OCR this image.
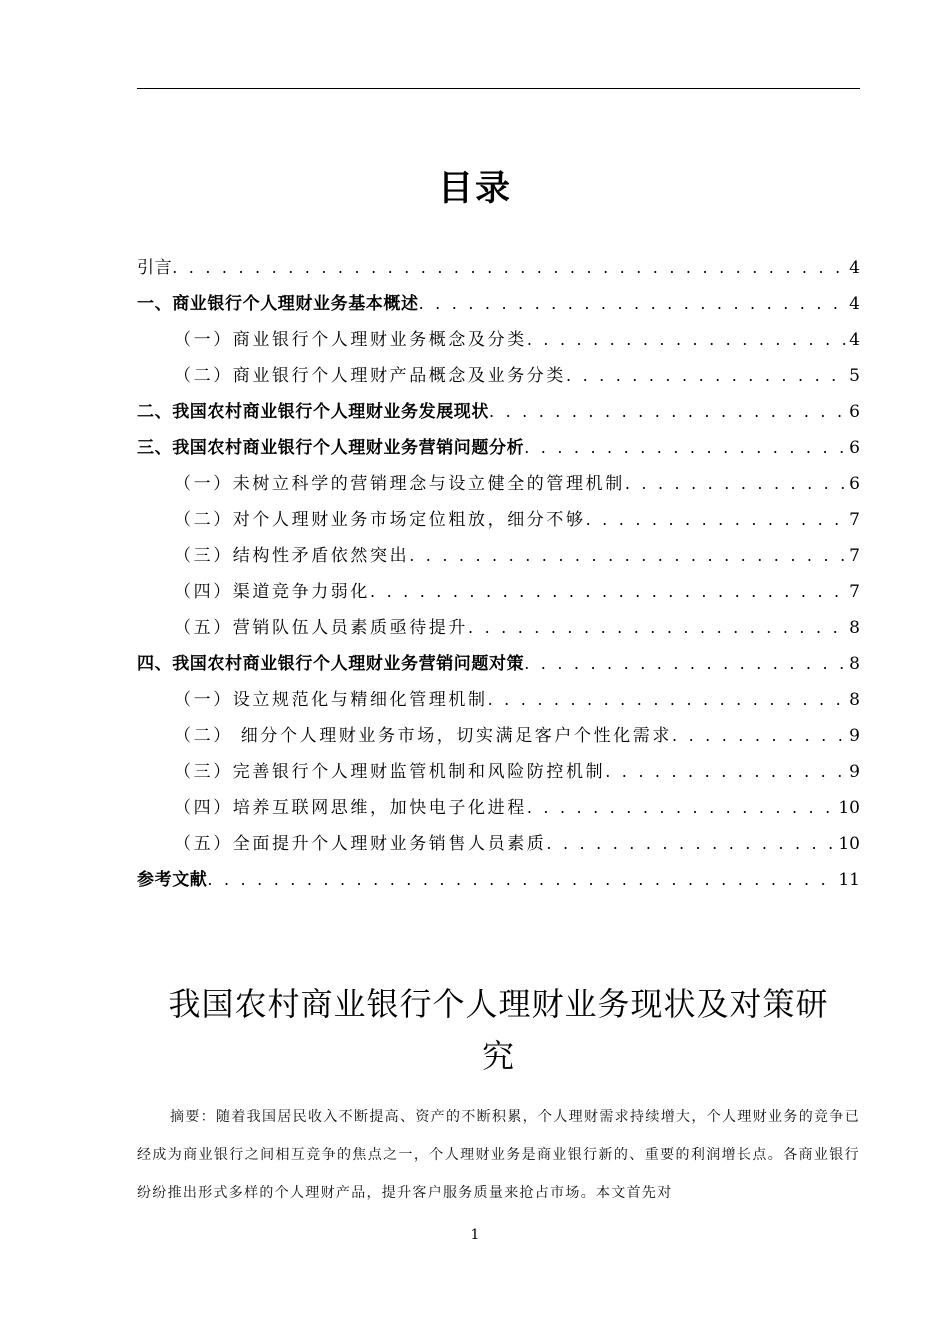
目录
引言 . . .	4
一、商业银行个人理财业务基本概述 . . .	4
（一）商业银行个人理财业务概念及分类 . . .	4
（二）商业银行个人理财产品概念及业务分类 . . .	5
二、我国农村商业银行个人理财业务发展现状 . . .	6
三、我国农村商业银行个人理财业务营销问题分析 . . .	6
（一）未树立科学的营销理念与设立健全的管理机制 . . .	6
（二）对个人理财业务市场定位粗放，细分不够 . . .	7
（三）结构性矛盾依然突出 . . .	7
（四）渠道竞争力弱化 . . .	7
（五）营销队伍人员素质亟待提升 . . .	8
四、我国农村商业银行个人理财业务营销问题对策 . . .	8
（一）设立规范化与精细化管理机制 . . .	8
（二） 细分个人理财业务市场，切实满足客户个性化需求 . . .	9
（三）完善银行个人理财监管机制和风险防控机制 . . .	9
（四）培养互联网思维，加快电子化进程 . . .	10
（五）全面提升个人理财业务销售人员素质 . . .	10
参考文献 . . .	11
我国农村商业银行个人理财业务现状及对策研
究
摘要：随着我国居民收入不断提高、资产的不断积累，个人理财需求持续增大，个人理财业务的竞争已经成为商业银行之间相互竞争的焦点之一，个人理财业务是商业银行新的、重要的利润增长点。各商业银行纷纷推出形式多样的个人理财产品，提升客户服务质量来抢占市场。本文首先对
1
